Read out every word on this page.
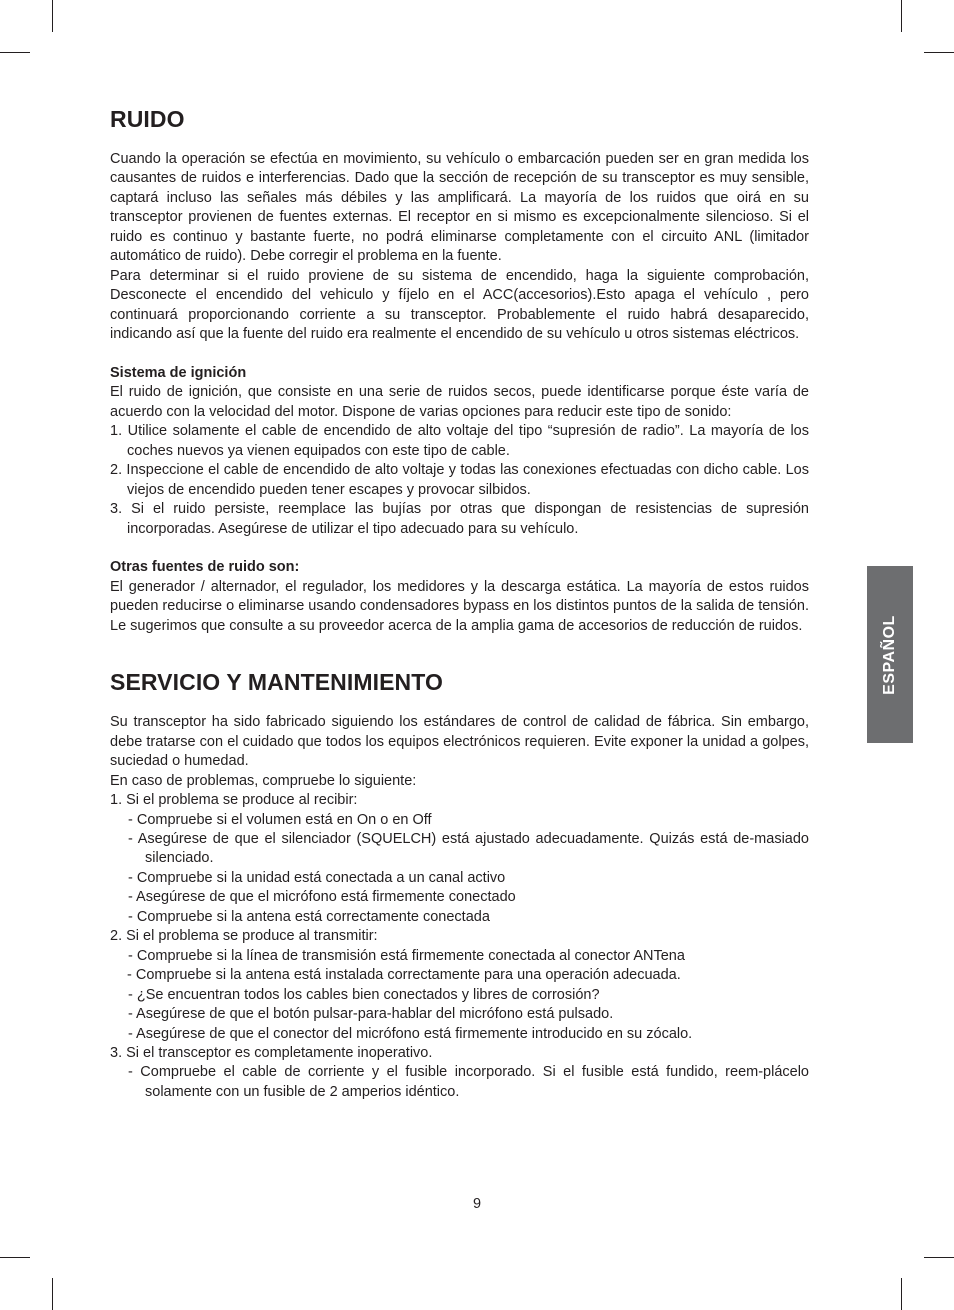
RUIDO

Cuando la operación se efectúa en movimiento, su vehículo o embarcación pueden ser en gran medida los causantes de ruidos e interferencias. Dado que la sección de recepción de su transceptor es muy sensible, captará incluso las señales más débiles y las amplificará. La mayoría de los ruidos que oirá en su transceptor provienen de fuentes externas. El receptor en si mismo es excepcionalmente silencioso. Si el ruido es continuo y bastante fuerte, no podrá eliminarse completamente con el circuito ANL (limitador automático de ruido). Debe corregir el problema en la fuente.

Para determinar si el ruido proviene de su sistema de encendido, haga la siguiente comprobación, Desconecte el encendido del vehiculo y fíjelo en el ACC(accesorios).Esto apaga el vehículo , pero continuará proporcionando corriente a su transceptor. Probablemente el ruido habrá desaparecido, indicando así que la fuente del ruido era realmente el encendido de su vehículo u otros sistemas eléctricos.

Sistema de ignición

El ruido de ignición, que consiste en una serie de ruidos secos, puede identificarse porque éste varía de acuerdo con la velocidad del motor. Dispone de varias opciones para reducir este tipo de sonido:

1. Utilice solamente el cable de encendido de alto voltaje del tipo “supresión de radio”. La mayoría de los coches nuevos ya vienen equipados con este tipo de cable.
2. Inspeccione el cable de encendido de alto voltaje y todas las conexiones efectuadas con dicho cable. Los viejos de encendido pueden tener escapes y provocar silbidos.
3. Si el ruido persiste, reemplace las bujías por otras que dispongan de resistencias de supresión incorporadas. Asegúrese de utilizar el tipo adecuado para su vehículo.

Otras fuentes de ruido son:

El generador / alternador, el regulador, los medidores y la descarga estática. La mayoría de estos ruidos pueden reducirse o eliminarse usando condensadores bypass en los distintos puntos de la salida de tensión. Le sugerimos que consulte a su proveedor acerca de la amplia gama de accesorios de reducción de ruidos.

SERVICIO Y MANTENIMIENTO

Su transceptor ha sido fabricado siguiendo los estándares de control de calidad de fábrica. Sin embargo, debe tratarse con el cuidado que todos los equipos electrónicos requieren. Evite exponer la unidad a golpes, suciedad o humedad.

En caso de problemas, compruebe lo siguiente:

1. Si el problema se produce al recibir:
- Compruebe si el volumen está en On o en Off
- Asegúrese de que el silenciador (SQUELCH) está ajustado adecuadamente. Quizás está de-masiado silenciado.
- Compruebe si la unidad está conectada a un canal activo
- Asegúrese de que el micrófono está firmemente conectado
- Compruebe si la antena está correctamente conectada
2. Si el problema se produce al transmitir:
- Compruebe si la línea de transmisión está firmemente conectada al conector ANTena
- Compruebe si la antena está instalada correctamente para una operación adecuada.
- ¿Se encuentran todos los cables bien conectados y libres de corrosión?
- Asegúrese de que el botón pulsar-para-hablar del micrófono está pulsado.
- Asegúrese de que el conector del micrófono está firmemente introducido en su zócalo.
3. Si el transceptor es completamente inoperativo.
- Compruebe el cable de corriente y el fusible incorporado. Si el fusible está fundido, reem-plácelo solamente con un fusible de 2 amperios idéntico.
ESPAÑOL
9
